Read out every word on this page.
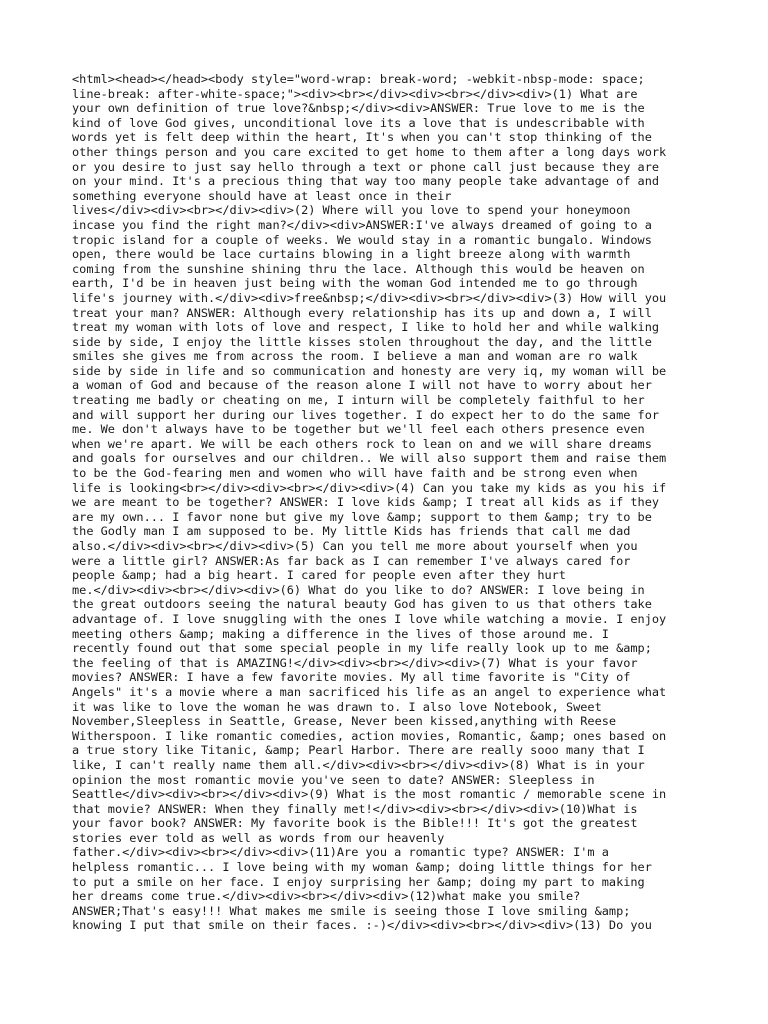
<html><head></head><body style="word-wrap: break-word; -webkit-nbsp-mode: space;
line-break: after-white-space;"><div><br></div><div><br></div><div>(1) What are
your own definition of true love?&nbsp;</div><div>ANSWER: True love to me is the
kind of love God gives, unconditional love its a love that is undescribable with
words yet is felt deep within the heart, It's when you can't stop thinking of the
other things person and you care excited to get home to them after a long days work
or you desire to just say hello through a text or phone call just because they are
on your mind. It's a precious thing that way too many people take advantage of and
something everyone should have at least once in their
lives</div><div><br></div><div>(2) Where will you love to spend your honeymoon
incase you find the right man?</div><div>ANSWER:I've always dreamed of going to a
tropic island for a couple of weeks. We would stay in a romantic bungalo. Windows
open, there would be lace curtains blowing in a light breeze along with warmth
coming from the sunshine shining thru the lace. Although this would be heaven on
earth, I'd be in heaven just being with the woman God intended me to go through
life's journey with.</div><div>free&nbsp;</div><div><br></div><div>(3) How will you
treat your man? ANSWER: Although every relationship has its up and down a, I will
treat my woman with lots of love and respect, I like to hold her and while walking
side by side, I enjoy the little kisses stolen throughout the day, and the little
smiles she gives me from across the room. I believe a man and woman are ro walk
side by side in life and so communication and honesty are very iq, my woman will be
a woman of God and because of the reason alone I will not have to worry about her
treating me badly or cheating on me, I inturn will be completely faithful to her
and will support her during our lives together. I do expect her to do the same for
me. We don't always have to be together but we'll feel each others presence even
when we're apart. We will be each others rock to lean on and we will share dreams
and goals for ourselves and our children.. We will also support them and raise them
to be the God-fearing men and women who will have faith and be strong even when
life is looking<br></div><div><br></div><div>(4) Can you take my kids as you his if
we are meant to be together? ANSWER: I love kids &amp; I treat all kids as if they
are my own... I favor none but give my love &amp; support to them &amp; try to be
the Godly man I am supposed to be. My little Kids has friends that call me dad
also.</div><div><br></div><div>(5) Can you tell me more about yourself when you
were a little girl? ANSWER:As far back as I can remember I've always cared for
people &amp; had a big heart. I cared for people even after they hurt
me.</div><div><br></div><div>(6) What do you like to do? ANSWER: I love being in
the great outdoors seeing the natural beauty God has given to us that others take
advantage of. I love snuggling with the ones I love while watching a movie. I enjoy
meeting others &amp; making a difference in the lives of those around me. I
recently found out that some special people in my life really look up to me &amp;
the feeling of that is AMAZING!</div><div><br></div><div>(7) What is your favor
movies? ANSWER: I have a few favorite movies. My all time favorite is "City of
Angels" it's a movie where a man sacrificed his life as an angel to experience what
it was like to love the woman he was drawn to. I also love Notebook, Sweet
November,Sleepless in Seattle, Grease, Never been kissed,anything with Reese
Witherspoon. I like romantic comedies, action movies, Romantic, &amp; ones based on
a true story like Titanic, &amp; Pearl Harbor. There are really sooo many that I
like, I can't really name them all.</div><div><br></div><div>(8) What is in your
opinion the most romantic movie you've seen to date? ANSWER: Sleepless in
Seattle</div><div><br></div><div>(9) What is the most romantic / memorable scene in
that movie? ANSWER: When they finally met!</div><div><br></div><div>(10)What is
your favor book? ANSWER: My favorite book is the Bible!!! It's got the greatest
stories ever told as well as words from our heavenly
father.</div><div><br></div><div>(11)Are you a romantic type? ANSWER: I'm a
helpless romantic... I love being with my woman &amp; doing little things for her
to put a smile on her face. I enjoy surprising her &amp; doing my part to making
her dreams come true.</div><div><br></div><div>(12)what make you smile?
ANSWER;That's easy!!! What makes me smile is seeing those I love smiling &amp;
knowing I put that smile on their faces. :-)</div><div><br></div><div>(13) Do you
